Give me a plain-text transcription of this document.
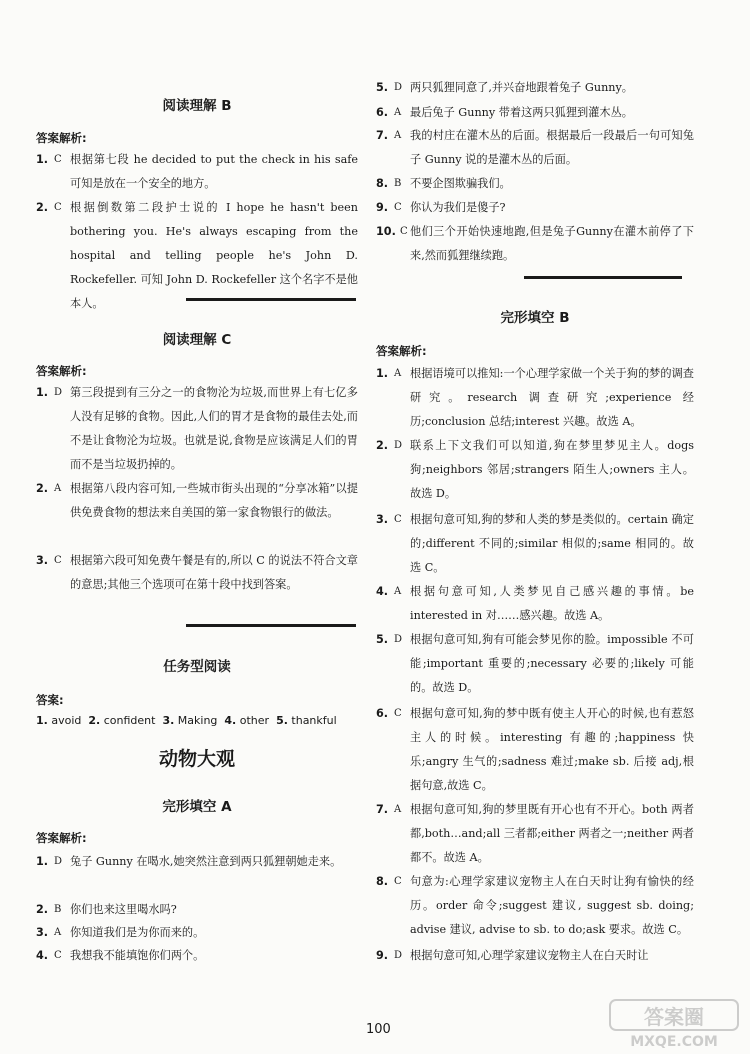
阅读理解 B
答案解析:
1. C 根据第七段 he decided to put the check in his safe 可知是放在一个安全的地方。
2. C 根据倒数第二段护士说的 I hope he hasn't been bothering you. He's always escaping from the hospital and telling people he's John D. Rockefeller. 可知 John D. Rockefeller 这个名字不是他本人。
阅读理解 C
答案解析:
1. D 第三段提到有三分之一的食物沦为垃圾,而世界上有七亿多人没有足够的食物。因此,人们的胃才是食物的最佳去处,而不是让食物沦为垃圾。也就是说,食物是应该满足人们的胃而不是当垃圾扔掉的。
2. A 根据第八段内容可知,一些城市街头出现的“分享冰箱”以提供免费食物的想法来自美国的第一家食物银行的做法。
3. C 根据第六段可知免费午餐是有的,所以 C 的说法不符合文章的意思;其他三个选项可在第十段中找到答案。
任务型阅读
答案:
1. avoid 2. confident 3. Making 4. other 5. thankful
动物大观
完形填空 A
答案解析:
1. D 兔子 Gunny 在喝水,她突然注意到两只狐狸朝她走来。
2. B 你们也来这里喝水吗?
3. A 你知道我们是为你而来的。
4. C 我想我不能填饱你们两个。
5. D 两只狐狸同意了,并兴奋地跟着兔子 Gunny。
6. A 最后兔子 Gunny 带着这两只狐狸到灌木丛。
7. A 我的村庄在灌木丛的后面。根据最后一段最后一句可知兔子 Gunny 说的是灌木丛的后面。
8. B 不要企图欺骗我们。
9. C 你认为我们是傻子?
10. C 他们三个开始快速地跑,但是兔子Gunny在灌木前停了下来,然而狐狸继续跑。
完形填空 B
答案解析:
1. A 根据语境可以推知:一个心理学家做一个关于狗的梦的调查研究。research 调查研究;experience 经历;conclusion 总结;interest 兴趣。故选 A。
2. D 联系上下文我们可以知道,狗在梦里梦见主人。dogs 狗;neighbors 邻居;strangers 陌生人;owners 主人。故选 D。
3. C 根据句意可知,狗的梦和人类的梦是类似的。certain 确定的;different 不同的;similar 相似的;same 相同的。故选 C。
4. A 根据句意可知,人类梦见自己感兴趣的事情。be interested in 对……感兴趣。故选 A。
5. D 根据句意可知,狗有可能会梦见你的脸。impossible 不可能;important 重要的;necessary 必要的;likely 可能的。故选 D。
6. C 根据句意可知,狗的梦中既有使主人开心的时候,也有惹怒主人的时候。interesting 有趣的;happiness 快乐;angry 生气的;sadness 难过;make sb. 后接 adj,根据句意,故选 C。
7. A 根据句意可知,狗的梦里既有开心也有不开心。both 两者都,both…and;all 三者都;either 两者之一;neither 两者都不。故选 A。
8. C 句意为:心理学家建议宠物主人在白天时让狗有愉快的经历。order 命令;suggest 建议, suggest sb. doing; advise 建议, advise to sb. to do;ask 要求。故选 C。
9. D 根据句意可知,心理学家建议宠物主人在白天时让
100
答案圈
MXQE.COM
